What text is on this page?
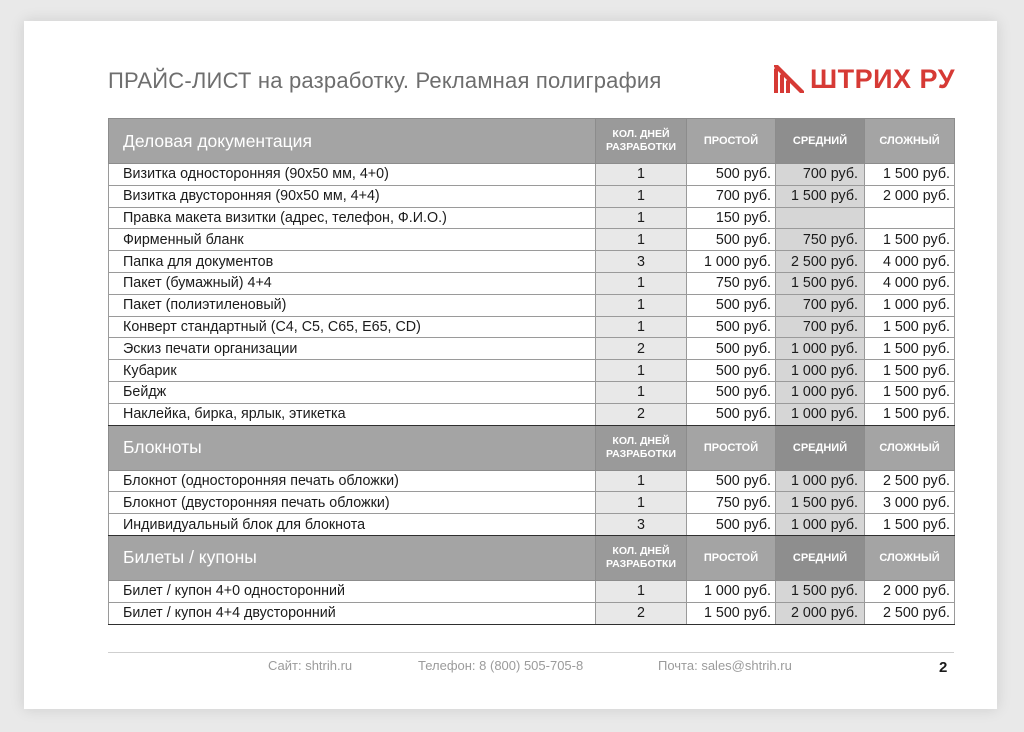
ПРАЙС-ЛИСТ на разработку. Рекламная полиграфия	ШТРИХ РУ
Деловая документация	КОЛ. ДНЕЙ РАЗРАБОТКИ	ПРОСТОЙ	СРЕДНИЙ	СЛОЖНЫЙ
Визитка односторонняя (90х50 мм, 4+0)	1	500 руб.	700 руб.	1 500 руб.
Визитка двусторонняя (90х50 мм, 4+4)	1	700 руб.	1 500 руб.	2 000 руб.
Правка макета визитки (адрес, телефон, Ф.И.О.)	1	150 руб.		
Фирменный бланк	1	500 руб.	750 руб.	1 500 руб.
Папка для документов	3	1 000 руб.	2 500 руб.	4 000 руб.
Пакет (бумажный) 4+4	1	750 руб.	1 500 руб.	4 000 руб.
Пакет (полиэтиленовый)	1	500 руб.	700 руб.	1 000 руб.
Конверт стандартный (С4, С5, С65, Е65, CD)	1	500 руб.	700 руб.	1 500 руб.
Эскиз печати организации	2	500 руб.	1 000 руб.	1 500 руб.
Кубарик	1	500 руб.	1 000 руб.	1 500 руб.
Бейдж	1	500 руб.	1 000 руб.	1 500 руб.
Наклейка, бирка, ярлык, этикетка	2	500 руб.	1 000 руб.	1 500 руб.
Блокноты	КОЛ. ДНЕЙ РАЗРАБОТКИ	ПРОСТОЙ	СРЕДНИЙ	СЛОЖНЫЙ
Блокнот (односторонняя печать обложки)	1	500 руб.	1 000 руб.	2 500 руб.
Блокнот (двусторонняя печать обложки)	1	750 руб.	1 500 руб.	3 000 руб.
Индивидуальный блок для блокнота	3	500 руб.	1 000 руб.	1 500 руб.
Билеты / купоны	КОЛ. ДНЕЙ РАЗРАБОТКИ	ПРОСТОЙ	СРЕДНИЙ	СЛОЖНЫЙ
Билет / купон 4+0 односторонний	1	1 000 руб.	1 500 руб.	2 000 руб.
Билет / купон 4+4 двусторонний	2	1 500 руб.	2 000 руб.	2 500 руб.
Сайт: shtrih.ru	Телефон: 8 (800) 505-705-8	Почта: sales@shtrih.ru	2
